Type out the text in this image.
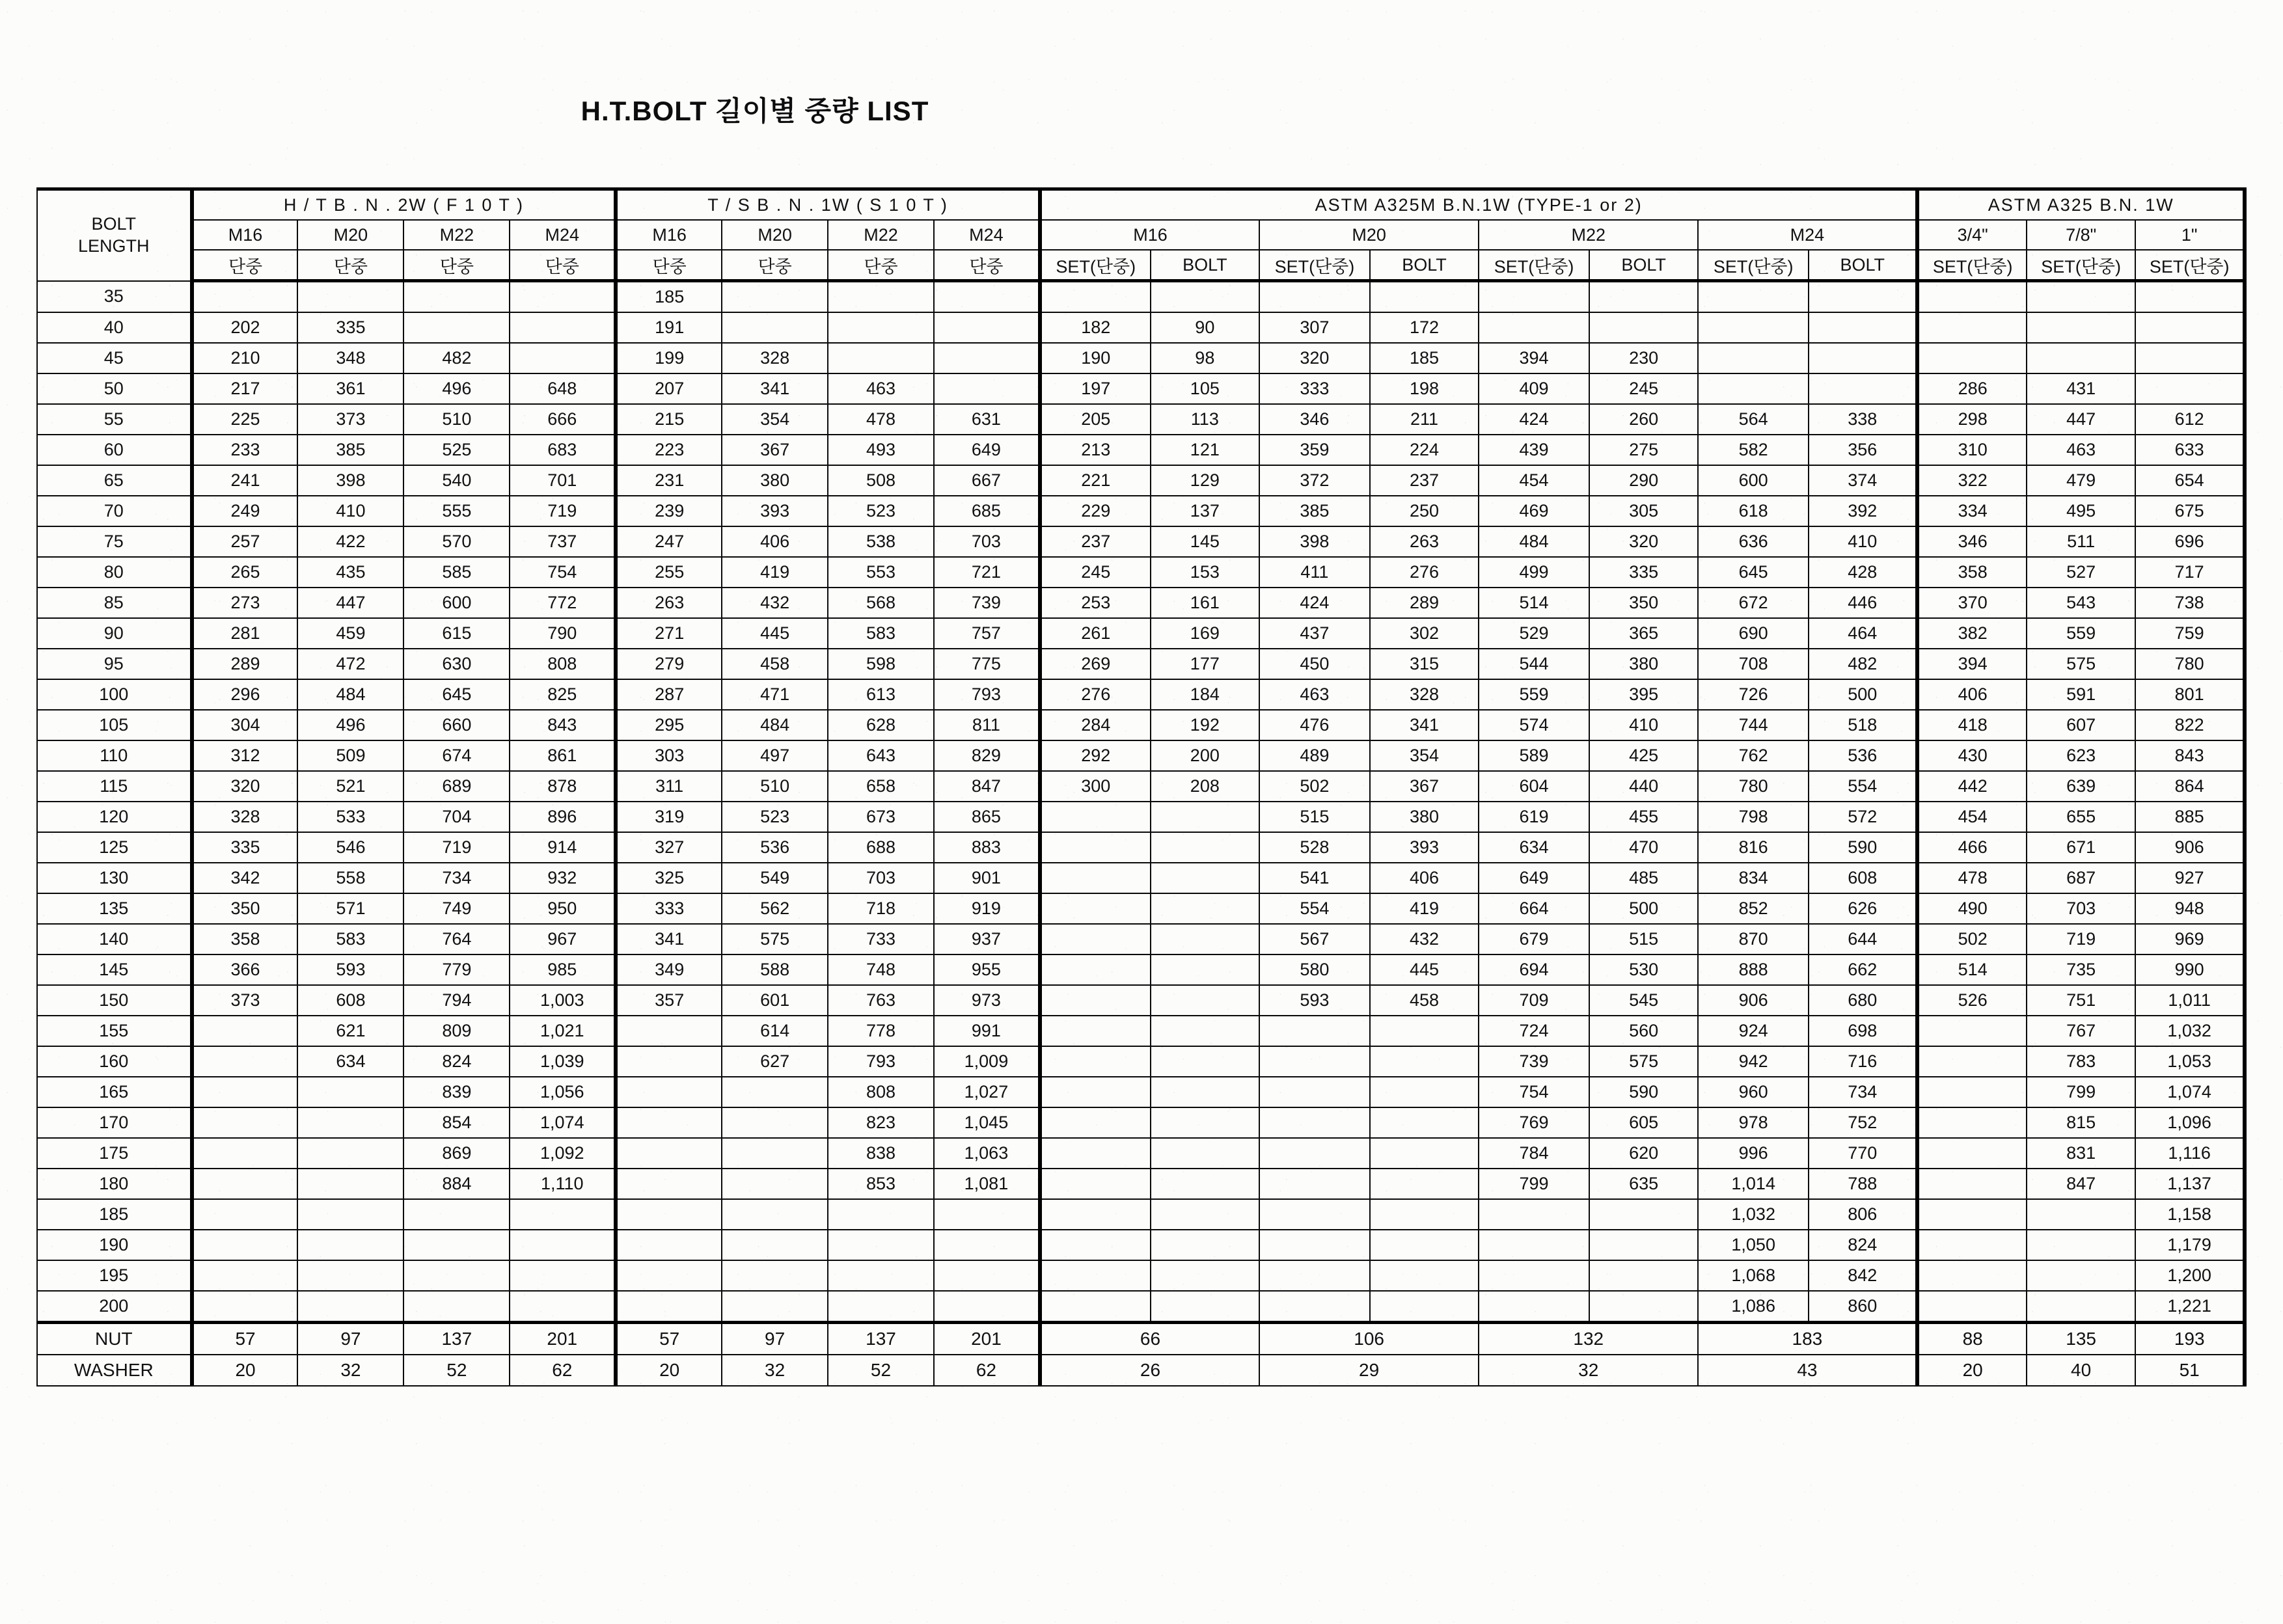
H.T.BOLT 길이별 중량 LIST
BOLT
LENGTH	H / T B . N . 2W ( F 1 0 T )				T / S B . N . 1W ( S 1 0 T )				ASTM A325M B.N.1W (TYPE-1 or 2)								ASTM A325 B.N. 1W		
	M16	M20	M22	M24	M16	M20	M22	M24	M16		M20		M22		M24		3/4"	7/8"	1"
	단중	단중	단중	단중	단중	단중	단중	단중	SET(단중)	BOLT	SET(단중)	BOLT	SET(단중)	BOLT	SET(단중)	BOLT	SET(단중)	SET(단중)	SET(단중)
35					185														
40	202	335			191				182	90	307	172							
45	210	348	482		199	328			190	98	320	185	394	230					
50	217	361	496	648	207	341	463		197	105	333	198	409	245			286	431	
55	225	373	510	666	215	354	478	631	205	113	346	211	424	260	564	338	298	447	612
60	233	385	525	683	223	367	493	649	213	121	359	224	439	275	582	356	310	463	633
65	241	398	540	701	231	380	508	667	221	129	372	237	454	290	600	374	322	479	654
70	249	410	555	719	239	393	523	685	229	137	385	250	469	305	618	392	334	495	675
75	257	422	570	737	247	406	538	703	237	145	398	263	484	320	636	410	346	511	696
80	265	435	585	754	255	419	553	721	245	153	411	276	499	335	645	428	358	527	717
85	273	447	600	772	263	432	568	739	253	161	424	289	514	350	672	446	370	543	738
90	281	459	615	790	271	445	583	757	261	169	437	302	529	365	690	464	382	559	759
95	289	472	630	808	279	458	598	775	269	177	450	315	544	380	708	482	394	575	780
100	296	484	645	825	287	471	613	793	276	184	463	328	559	395	726	500	406	591	801
105	304	496	660	843	295	484	628	811	284	192	476	341	574	410	744	518	418	607	822
110	312	509	674	861	303	497	643	829	292	200	489	354	589	425	762	536	430	623	843
115	320	521	689	878	311	510	658	847	300	208	502	367	604	440	780	554	442	639	864
120	328	533	704	896	319	523	673	865			515	380	619	455	798	572	454	655	885
125	335	546	719	914	327	536	688	883			528	393	634	470	816	590	466	671	906
130	342	558	734	932	325	549	703	901			541	406	649	485	834	608	478	687	927
135	350	571	749	950	333	562	718	919			554	419	664	500	852	626	490	703	948
140	358	583	764	967	341	575	733	937			567	432	679	515	870	644	502	719	969
145	366	593	779	985	349	588	748	955			580	445	694	530	888	662	514	735	990
150	373	608	794	1,003	357	601	763	973			593	458	709	545	906	680	526	751	1,011
155		621	809	1,021		614	778	991					724	560	924	698		767	1,032
160		634	824	1,039		627	793	1,009					739	575	942	716		783	1,053
165			839	1,056			808	1,027					754	590	960	734		799	1,074
170			854	1,074			823	1,045					769	605	978	752		815	1,096
175			869	1,092			838	1,063					784	620	996	770		831	1,116
180			884	1,110			853	1,081					799	635	1,014	788		847	1,137
185															1,032	806			1,158
190															1,050	824			1,179
195															1,068	842			1,200
200															1,086	860			1,221
NUT	57	97	137	201	57	97	137	201	66		106		132		183		88	135	193
WASHER	20	32	52	62	20	32	52	62	26		29		32		43		20	40	51
